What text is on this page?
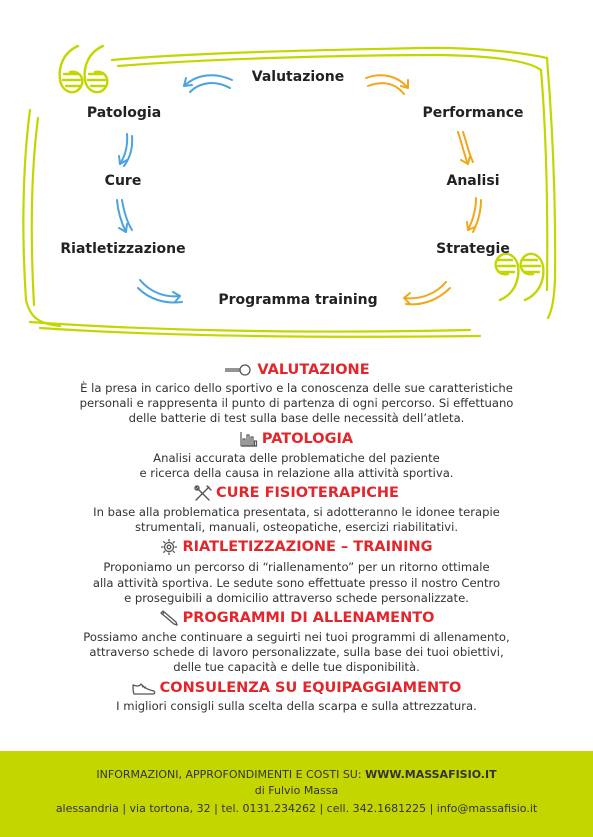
Valutazione
Patologia
Cure
Riatletizzazione
Programma training
Performance
Analisi
Strategie
VALUTAZIONE

È la presa in carico dello sportivo e la conoscenza delle sue caratteristiche

personali e rappresenta il punto di partenza di ogni percorso. Si effettuano

delle batterie di test sulla base delle necessità dell’atleta.

PATOLOGIA

Analisi accurata delle problematiche del paziente

e ricerca della causa in relazione alla attività sportiva.

CURE FISIOTERAPICHE

In base alla problematica presentata, si adotteranno le idonee terapie

strumentali, manuali, osteopatiche, esercizi riabilitativi.

RIATLETIZZAZIONE – TRAINING

Proponiamo un percorso di “riallenamento” per un ritorno ottimale

alla attività sportiva. Le sedute sono effettuate presso il nostro Centro

e proseguibili a domicilio attraverso schede personalizzate.

PROGRAMMI DI ALLENAMENTO

Possiamo anche continuare a seguirti nei tuoi programmi di allenamento,

attraverso schede di lavoro personalizzate, sulla base dei tuoi obiettivi,

delle tue capacità e delle tue disponibilità.

CONSULENZA SU EQUIPAGGIAMENTO

I migliori consigli sulla scelta della scarpa e sulla attrezzatura.

INFORMAZIONI, APPROFONDIMENTI E COSTI SU: WWW.MASSAFISIO.IT
di Fulvio Massa
alessandria | via tortona, 32 | tel. 0131.234262 | cell. 342.1681225 | info@massafisio.it
